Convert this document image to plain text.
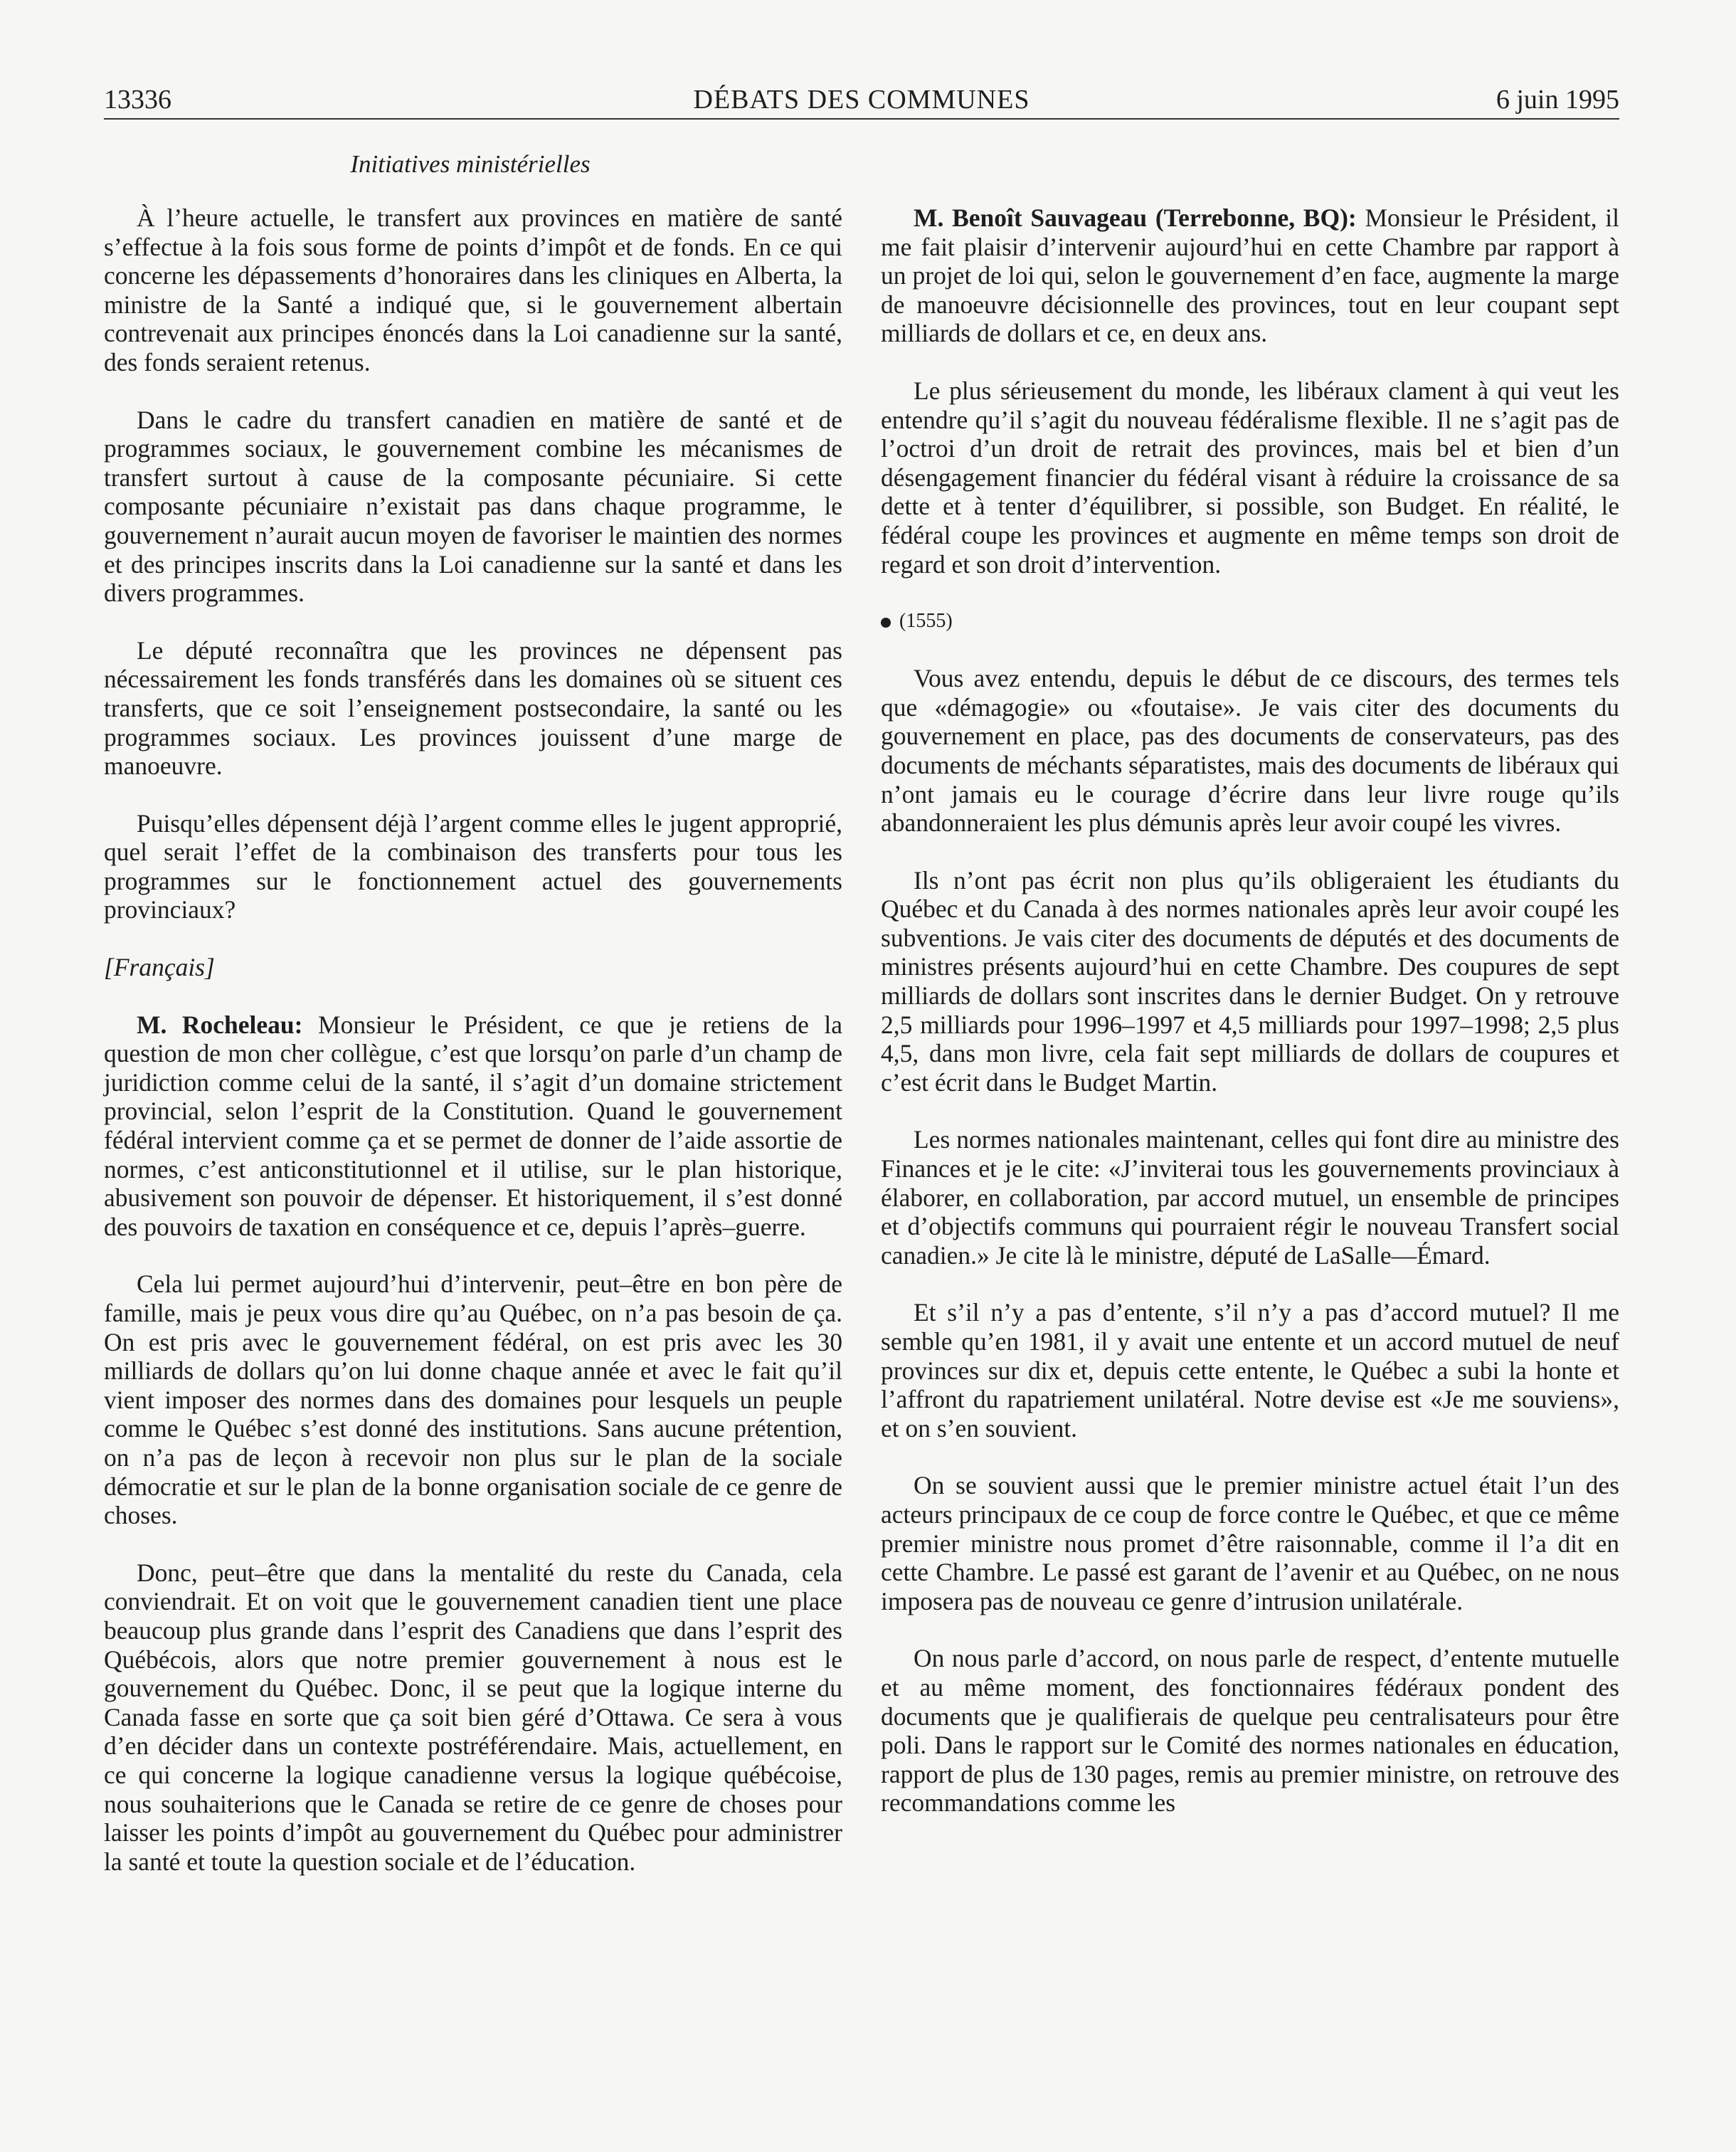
13336	DÉBATS DES COMMUNES	6 juin 1995
Initiatives ministérielles

À l’heure actuelle, le transfert aux provinces en matière de santé s’effectue à la fois sous forme de points d’impôt et de fonds. En ce qui concerne les dépassements d’honoraires dans les cliniques en Alberta, la ministre de la Santé a indiqué que, si le gouvernement albertain contrevenait aux principes énoncés dans la Loi canadienne sur la santé, des fonds seraient retenus.

Dans le cadre du transfert canadien en matière de santé et de programmes sociaux, le gouvernement combine les mécanismes de transfert surtout à cause de la composante pécuniaire. Si cette composante pécuniaire n’existait pas dans chaque programme, le gouvernement n’aurait aucun moyen de favoriser le maintien des normes et des principes inscrits dans la Loi canadienne sur la santé et dans les divers programmes.

Le député reconnaîtra que les provinces ne dépensent pas nécessairement les fonds transférés dans les domaines où se situent ces transferts, que ce soit l’enseignement postsecondaire, la santé ou les programmes sociaux. Les provinces jouissent d’une marge de manoeuvre.

Puisqu’elles dépensent déjà l’argent comme elles le jugent approprié, quel serait l’effet de la combinaison des transferts pour tous les programmes sur le fonctionnement actuel des gouvernements provinciaux?

[Français]

M. Rocheleau: Monsieur le Président, ce que je retiens de la question de mon cher collègue, c’est que lorsqu’on parle d’un champ de juridiction comme celui de la santé, il s’agit d’un domaine strictement provincial, selon l’esprit de la Constitution. Quand le gouvernement fédéral intervient comme ça et se permet de donner de l’aide assortie de normes, c’est anticonstitutionnel et il utilise, sur le plan historique, abusivement son pouvoir de dépenser. Et historiquement, il s’est donné des pouvoirs de taxation en conséquence et ce, depuis l’après–guerre.

Cela lui permet aujourd’hui d’intervenir, peut–être en bon père de famille, mais je peux vous dire qu’au Québec, on n’a pas besoin de ça. On est pris avec le gouvernement fédéral, on est pris avec les 30 milliards de dollars qu’on lui donne chaque année et avec le fait qu’il vient imposer des normes dans des domaines pour lesquels un peuple comme le Québec s’est donné des institutions. Sans aucune prétention, on n’a pas de leçon à recevoir non plus sur le plan de la sociale démocratie et sur le plan de la bonne organisation sociale de ce genre de choses.

Donc, peut–être que dans la mentalité du reste du Canada, cela conviendrait. Et on voit que le gouvernement canadien tient une place beaucoup plus grande dans l’esprit des Canadiens que dans l’esprit des Québécois, alors que notre premier gouvernement à nous est le gouvernement du Québec. Donc, il se peut que la logique interne du Canada fasse en sorte que ça soit bien géré d’Ottawa. Ce sera à vous d’en décider dans un contexte postréférendaire. Mais, actuellement, en ce qui concerne la logique canadienne versus la logique québécoise, nous souhaiterions que le Canada se retire de ce genre de choses pour laisser les points d’impôt au gouvernement du Québec pour administrer la santé et toute la question sociale et de l’éducation.

M. Benoît Sauvageau (Terrebonne, BQ): Monsieur le Président, il me fait plaisir d’intervenir aujourd’hui en cette Chambre par rapport à un projet de loi qui, selon le gouvernement d’en face, augmente la marge de manoeuvre décisionnelle des provinces, tout en leur coupant sept milliards de dollars et ce, en deux ans.

Le plus sérieusement du monde, les libéraux clament à qui veut les entendre qu’il s’agit du nouveau fédéralisme flexible. Il ne s’agit pas de l’octroi d’un droit de retrait des provinces, mais bel et bien d’un désengagement financier du fédéral visant à réduire la croissance de sa dette et à tenter d’équilibrer, si possible, son Budget. En réalité, le fédéral coupe les provinces et augmente en même temps son droit de regard et son droit d’intervention.

(1555)

Vous avez entendu, depuis le début de ce discours, des termes tels que «démagogie» ou «foutaise». Je vais citer des documents du gouvernement en place, pas des documents de conservateurs, pas des documents de méchants séparatistes, mais des documents de libéraux qui n’ont jamais eu le courage d’écrire dans leur livre rouge qu’ils abandonneraient les plus démunis après leur avoir coupé les vivres.

Ils n’ont pas écrit non plus qu’ils obligeraient les étudiants du Québec et du Canada à des normes nationales après leur avoir coupé les subventions. Je vais citer des documents de députés et des documents de ministres présents aujourd’hui en cette Chambre. Des coupures de sept milliards de dollars sont inscrites dans le dernier Budget. On y retrouve 2,5 milliards pour 1996–1997 et 4,5 milliards pour 1997–1998; 2,5 plus 4,5, dans mon livre, cela fait sept milliards de dollars de coupures et c’est écrit dans le Budget Martin.

Les normes nationales maintenant, celles qui font dire au ministre des Finances et je le cite: «J’inviterai tous les gouvernements provinciaux à élaborer, en collaboration, par accord mutuel, un ensemble de principes et d’objectifs communs qui pourraient régir le nouveau Transfert social canadien.» Je cite là le ministre, député de LaSalle—Émard.

Et s’il n’y a pas d’entente, s’il n’y a pas d’accord mutuel? Il me semble qu’en 1981, il y avait une entente et un accord mutuel de neuf provinces sur dix et, depuis cette entente, le Québec a subi la honte et l’affront du rapatriement unilatéral. Notre devise est «Je me souviens», et on s’en souvient.

On se souvient aussi que le premier ministre actuel était l’un des acteurs principaux de ce coup de force contre le Québec, et que ce même premier ministre nous promet d’être raisonnable, comme il l’a dit en cette Chambre. Le passé est garant de l’avenir et au Québec, on ne nous imposera pas de nouveau ce genre d’intrusion unilatérale.

On nous parle d’accord, on nous parle de respect, d’entente mutuelle et au même moment, des fonctionnaires fédéraux pondent des documents que je qualifierais de quelque peu centralisateurs pour être poli. Dans le rapport sur le Comité des normes nationales en éducation, rapport de plus de 130 pages, remis au premier ministre, on retrouve des recommandations comme les
